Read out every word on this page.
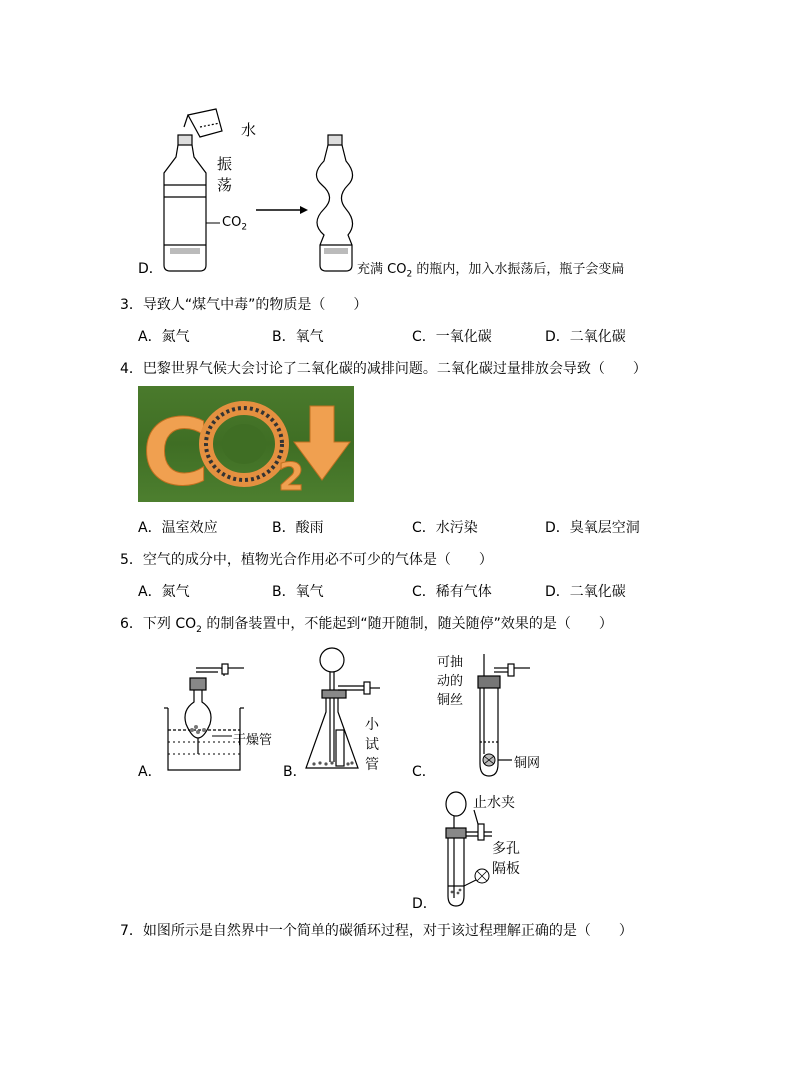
D．
水
振
荡
$CO_2$
充满 $CO_2$ 的瓶内，加入水振荡后，瓶子会变扁
3．导致人“煤气中毒”的物质是（　　）
A．氮气	B．氧气	C．一氧化碳	D．二氧化碳
4．巴黎世界气候大会讨论了二氧化碳的减排问题。二氧化碳过量排放会导致（　　）
C 2
A．温室效应	B．酸雨	C．水污染	D．臭氧层空洞
5．空气的成分中，植物光合作用必不可少的气体是（　　）
A．氮气	B．氧气	C．稀有气体	D．二氧化碳
6．下列 $CO_2$ 的制备装置中，不能起到“随开随制，随关随停”效果的是（　　）
A．
干燥管
B．
小
试
管 C．
可抽
动的
铜丝
铜网
D．
止水夹
多孔
隔板
7．如图所示是自然界中一个简单的碳循环过程，对于该过程理解正确的是（　　）
